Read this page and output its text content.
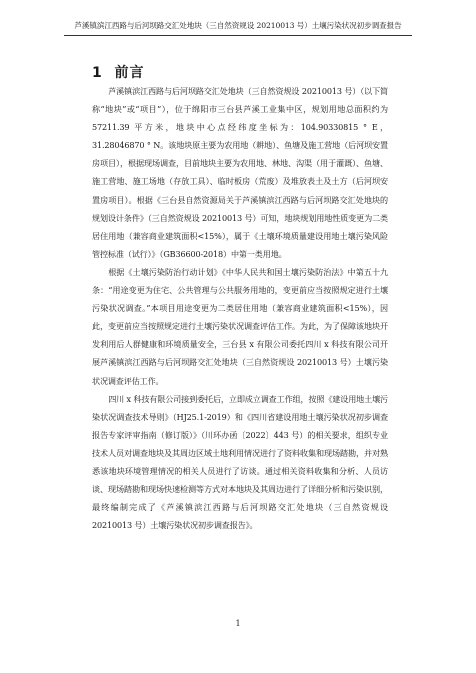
芦溪镇滨江西路与后河坝路交汇处地块（三自然资规设 20210013 号）土壤污染状况初步调查报告
1 前言

芦溪镇滨江西路与后河坝路交汇处地块（三自然资规设 20210013 号）（以下简称“地块”或“项目”），位于绵阳市三台县芦溪工业集中区，规划用地总面积约为 57211.39 平方米，地块中心点经纬度坐标为：104.90330815 ° E，31.28046870 ° N。该地块原主要为农用地（耕地）、鱼塘及施工营地（后河坝安置房项目），根据现场调查，目前地块主要为农用地、林地、沟渠（用于灌溉）、鱼塘、施工营地、施工场地（存放工具）、临时板房（荒废）及堆放表土及土方（后河坝安置房项目）。根据《三台县自然资源局关于芦溪镇滨江西路与后河坝路交汇处地块的规划设计条件》（三自然资规设 20210013 号）可知，地块规划用地性质变更为二类居住用地（兼容商业建筑面积<15%），属于《土壤环境质量建设用地土壤污染风险管控标准（试行）》（GB36600-2018）中第一类用地。

根据《土壤污染防治行动计划》《中华人民共和国土壤污染防治法》中第五十九条：“用途变更为住宅、公共管理与公共服务用地的，变更前应当按照规定进行土壤污染状况调查。”本项目用途变更为二类居住用地（兼容商业建筑面积<15%），因此，变更前应当按照规定进行土壤污染状况调查评估工作。为此，为了保障该地块开发利用后人群健康和环境质量安全，三台县 x 有限公司委托四川 x 科技有限公司开展芦溪镇滨江西路与后河坝路交汇处地块（三自然资规设 20210013 号）土壤污染状况调查评估工作。

四川 x 科技有限公司接到委托后，立即成立调查工作组，按照《建设用地土壤污染状况调查技术导则》（HJ25.1-2019）和《四川省建设用地土壤污染状况初步调查报告专家评审指南（修订版）》（川环办函〔2022〕443 号）的相关要求，组织专业技术人员对调查地块及其周边区域土地利用情况进行了资料收集和现场踏勘，并对熟悉该地块环境管理情况的相关人员进行了访谈。通过相关资料收集和分析、人员访谈、现场踏勘和现场快速检测等方式对本地块及其周边进行了详细分析和污染识别，最终编制完成了《芦溪镇滨江西路与后河坝路交汇处地块（三自然资规设 20210013 号）土壤污染状况初步调查报告》。

1
